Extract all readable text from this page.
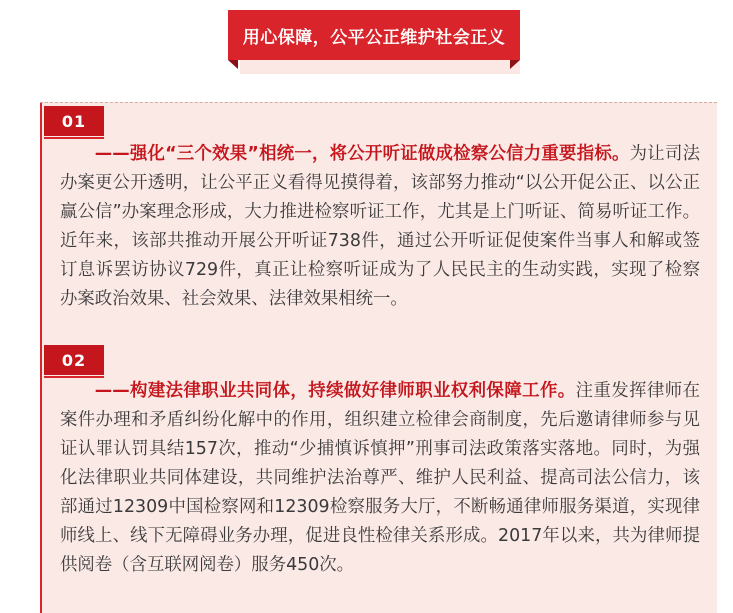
用心保障，公平公正维护社会正义
01

——强化“三个效果”相统一，将公开听证做成检察公信力重要指标。为让司法办案更公开透明，让公平正义看得见摸得着，该部努力推动“以公开促公正、以公正赢公信”办案理念形成，大力推进检察听证工作，尤其是上门听证、简易听证工作。近年来，该部共推动开展公开听证738件，通过公开听证促使案件当事人和解或签订息诉罢访协议729件，真正让检察听证成为了人民民主的生动实践，实现了检察办案政治效果、社会效果、法律效果相统一。

02

——构建法律职业共同体，持续做好律师职业权利保障工作。注重发挥律师在案件办理和矛盾纠纷化解中的作用，组织建立检律会商制度，先后邀请律师参与见证认罪认罚具结157次，推动“少捕慎诉慎押”刑事司法政策落实落地。同时，为强化法律职业共同体建设，共同维护法治尊严、维护人民利益、提高司法公信力，该部通过12309中国检察网和12309检察服务大厅，不断畅通律师服务渠道，实现律师线上、线下无障碍业务办理，促进良性检律关系形成。2017年以来，共为律师提供阅卷（含互联网阅卷）服务450次。
